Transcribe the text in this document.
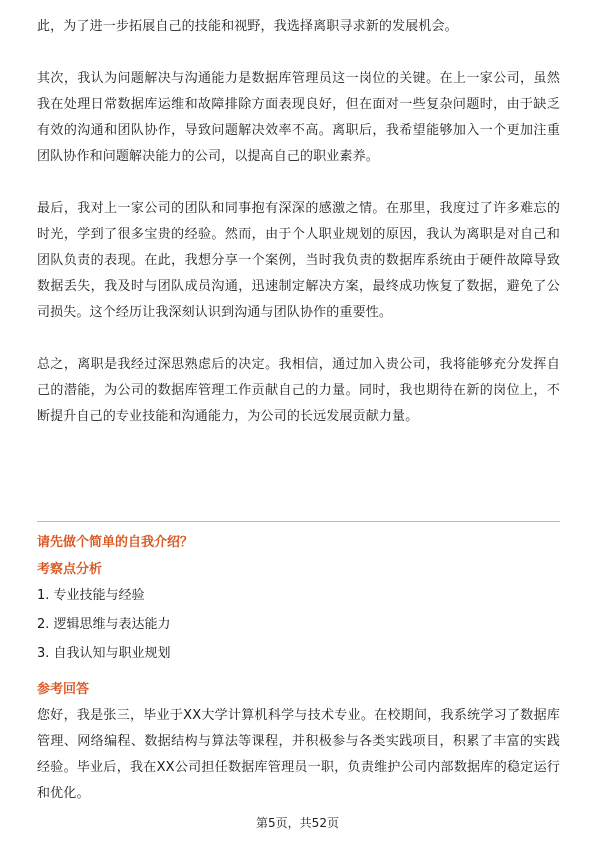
此，为了进一步拓展自己的技能和视野，我选择离职寻求新的发展机会。

其次，我认为问题解决与沟通能力是数据库管理员这一岗位的关键。在上一家公司，虽然我在处理日常数据库运维和故障排除方面表现良好，但在面对一些复杂问题时，由于缺乏有效的沟通和团队协作，导致问题解决效率不高。离职后，我希望能够加入一个更加注重团队协作和问题解决能力的公司，以提高自己的职业素养。

最后，我对上一家公司的团队和同事抱有深深的感激之情。在那里，我度过了许多难忘的时光，学到了很多宝贵的经验。然而，由于个人职业规划的原因，我认为离职是对自己和团队负责的表现。在此，我想分享一个案例，当时我负责的数据库系统由于硬件故障导致数据丢失，我及时与团队成员沟通，迅速制定解决方案，最终成功恢复了数据，避免了公司损失。这个经历让我深刻认识到沟通与团队协作的重要性。

总之，离职是我经过深思熟虑后的决定。我相信，通过加入贵公司，我将能够充分发挥自己的潜能，为公司的数据库管理工作贡献自己的力量。同时，我也期待在新的岗位上，不断提升自己的专业技能和沟通能力，为公司的长远发展贡献力量。

请先做个简单的自我介绍？
考察点分析
1. 专业技能与经验
2. 逻辑思维与表达能力
3. 自我认知与职业规划
参考回答

您好，我是张三，毕业于XX大学计算机科学与技术专业。在校期间，我系统学习了数据库管理、网络编程、数据结构与算法等课程，并积极参与各类实践项目，积累了丰富的实践经验。毕业后，我在XX公司担任数据库管理员一职，负责维护公司内部数据库的稳定运行和优化。

第5页，共52页
